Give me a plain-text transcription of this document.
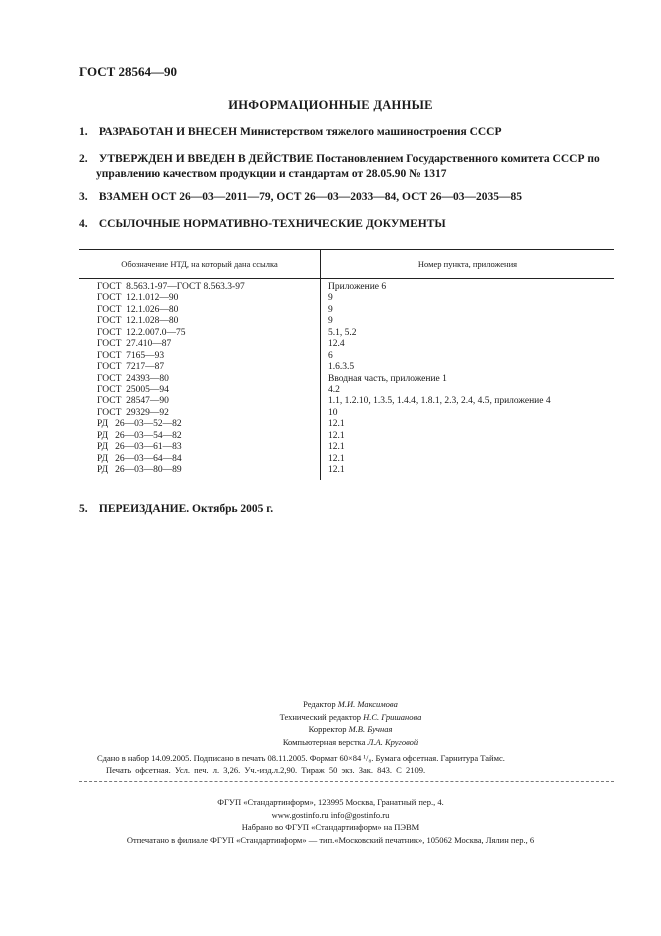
ГОСТ 28564—90
ИНФОРМАЦИОННЫЕ ДАННЫЕ
1. РАЗРАБОТАН И ВНЕСЕН Министерством тяжелого машиностроения СССР
2. УТВЕРЖДЕН И ВВЕДЕН В ДЕЙСТВИЕ Постановлением Государственного комитета СССР по
управлению качеством продукции и стандартам от 28.05.90 № 1317
3. ВЗАМЕН ОСТ 26—03—2011—79, ОСТ 26—03—2033—84, ОСТ 26—03—2035—85
4. ССЫЛОЧНЫЕ НОРМАТИВНО-ТЕХНИЧЕСКИЕ ДОКУМЕНТЫ
Обозначение НТД, на который дана ссылка	Номер пункта, приложения
ГОСТ  8.563.1-97—ГОСТ 8.563.3-97	Приложение 6
ГОСТ  12.1.012—90	9
ГОСТ  12.1.026—80	9
ГОСТ  12.1.028—80	9
ГОСТ  12.2.007.0—75	5.1, 5.2
ГОСТ  27.410—87	12.4
ГОСТ  7165—93	6
ГОСТ  7217—87	1.6.3.5
ГОСТ  24393—80	Вводная часть, приложение 1
ГОСТ  25005—94	4.2
ГОСТ  28547—90	1.1, 1.2.10, 1.3.5, 1.4.4, 1.8.1, 2.3, 2.4, 4.5, приложение 4
ГОСТ  29329—92	10
РД   26—03—52—82	12.1
РД   26—03—54—82	12.1
РД   26—03—61—83	12.1
РД   26—03—64—84	12.1
РД   26—03—80—89	12.1
5. ПЕРЕИЗДАНИЕ. Октябрь 2005 г.
Редактор М.И. Максимова
Технический редактор Н.С. Гришанова
Корректор М.В. Бучная
Компьютерная верстка Л.А. Круговой
Сдано в набор 14.09.2005. Подписано в печать 08.11.2005. Формат 60×84 ¹/₈. Бумага офсетная. Гарнитура Таймс.
Печать офсетная. Усл. печ. л. 3,26. Уч.-изд.л.2,90. Тираж 50 экз. Зак. 843. С 2109.
ФГУП «Стандартинформ», 123995 Москва, Гранатный пер., 4.
www.gostinfo.ru info@gostinfo.ru
Набрано во ФГУП «Стандартинформ» на ПЭВМ
Отпечатано в филиале ФГУП «Стандартинформ» — тип.«Московский печатник», 105062 Москва, Лялин пер., 6
